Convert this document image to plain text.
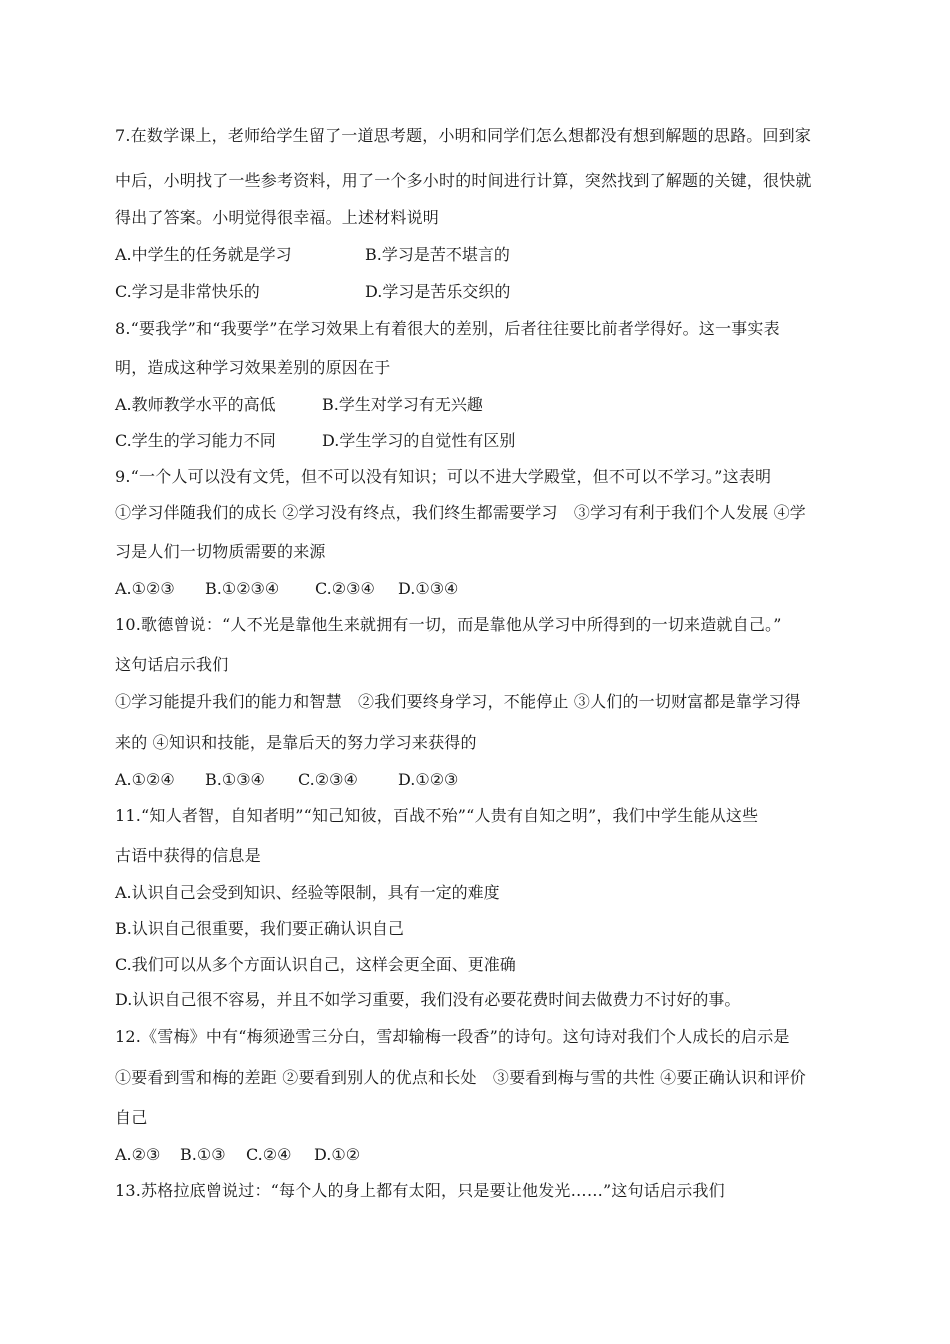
7.在数学课上，老师给学生留了一道思考题，小明和同学们怎么想都没有想到解题的思路。回到家
中后，小明找了一些参考资料，用了一个多小时的时间进行计算，突然找到了解题的关键，很快就
得出了答案。小明觉得很幸福。上述材料说明
A.中学生的任务就是学习	B.学习是苦不堪言的
C.学习是非常快乐的	D.学习是苦乐交织的
8.“要我学”和“我要学”在学习效果上有着很大的差别，后者往往要比前者学得好。这一事实表
明，造成这种学习效果差别的原因在于
A.教师教学水平的高低	B.学生对学习有无兴趣
C.学生的学习能力不同	D.学生学习的自觉性有区别
9.“一个人可以没有文凭，但不可以没有知识；可以不进大学殿堂，但不可以不学习。”这表明
①学习伴随我们的成长 ②学习没有终点，我们终生都需要学习　③学习有利于我们个人发展 ④学
习是人们一切物质需要的来源
A.①②③ B.①②③④ C.②③④ D.①③④
10.歌德曾说：“人不光是靠他生来就拥有一切，而是靠他从学习中所得到的一切来造就自己。”
这句话启示我们
①学习能提升我们的能力和智慧　②我们要终身学习，不能停止 ③人们的一切财富都是靠学习得
来的 ④知识和技能，是靠后天的努力学习来获得的
A.①②④ B.①③④ C.②③④	D.①②③
11.“知人者智，自知者明”“知己知彼，百战不殆”“人贵有自知之明”，我们中学生能从这些
古语中获得的信息是
A.认识自己会受到知识、经验等限制，具有一定的难度
B.认识自己很重要，我们要正确认识自己
C.我们可以从多个方面认识自己，这样会更全面、更准确
D.认识自己很不容易，并且不如学习重要，我们没有必要花费时间去做费力不讨好的事。
12.《雪梅》中有“梅须逊雪三分白，雪却输梅一段香”的诗句。这句诗对我们个人成长的启示是
①要看到雪和梅的差距 ②要看到别人的优点和长处　③要看到梅与雪的共性 ④要正确认识和评价
自己
A.②③ B.①③ C.②④ D.①②
13.苏格拉底曾说过：“每个人的身上都有太阳，只是要让他发光……”这句话启示我们
